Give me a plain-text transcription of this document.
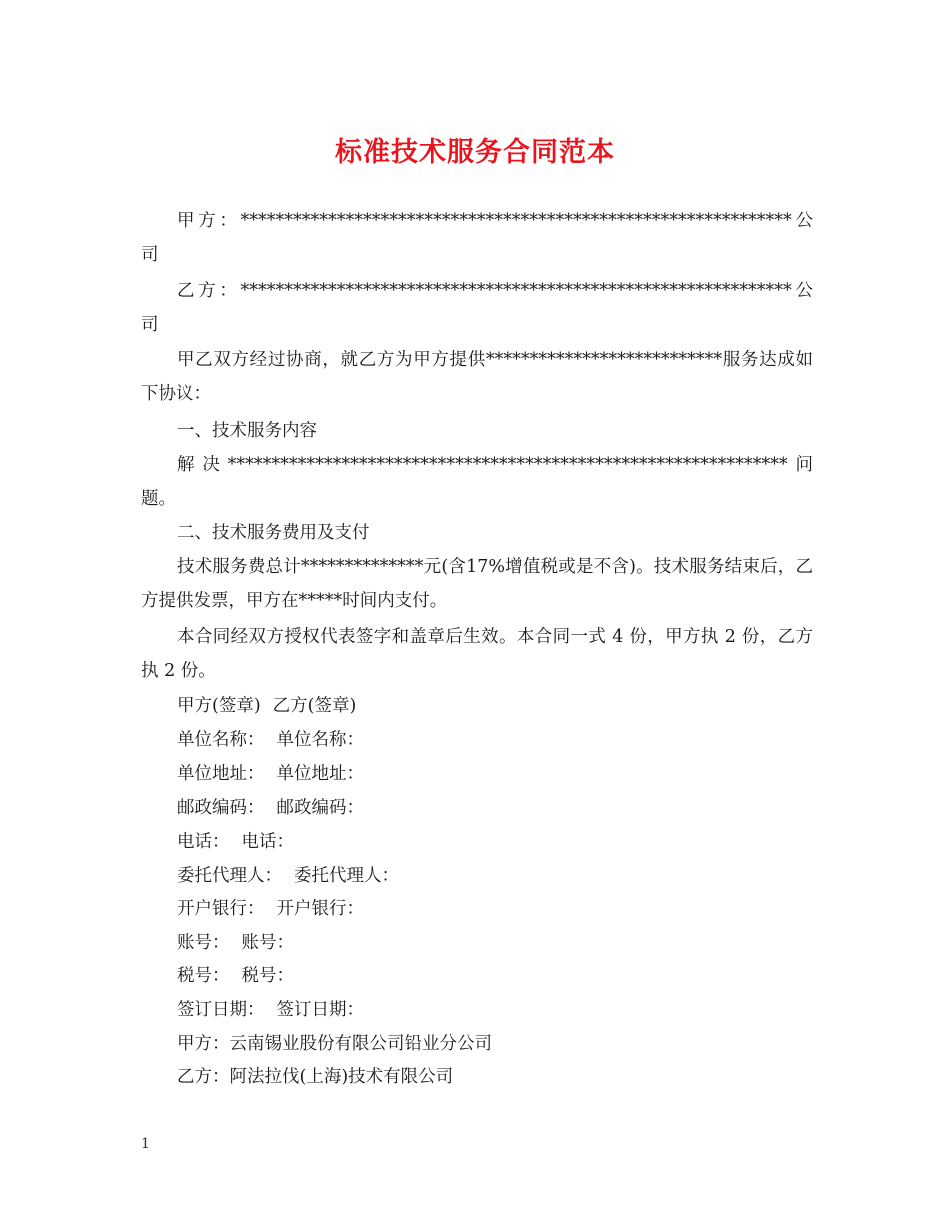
标准技术服务合同范本

甲方：***************************************************************公司

乙方：***************************************************************公司

甲乙双方经过协商，就乙方为甲方提供***************************服务达成如下协议：

一、技术服务内容

解决****************************************************************问题。

二、技术服务费用及支付

技术服务费总计**************元(含17%增值税或是不含)。技术服务结束后，乙方提供发票，甲方在*****时间内支付。

本合同经双方授权代表签字和盖章后生效。本合同一式 4 份，甲方执 2 份，乙方执 2 份。

甲方(签章) 乙方(签章)

单位名称： 单位名称：

单位地址： 单位地址：

邮政编码： 邮政编码：

电话： 电话：

委托代理人： 委托代理人：

开户银行： 开户银行：

账号： 账号：

税号： 税号：

签订日期： 签订日期：

甲方：云南锡业股份有限公司铅业分公司

乙方：阿法拉伐(上海)技术有限公司

1
